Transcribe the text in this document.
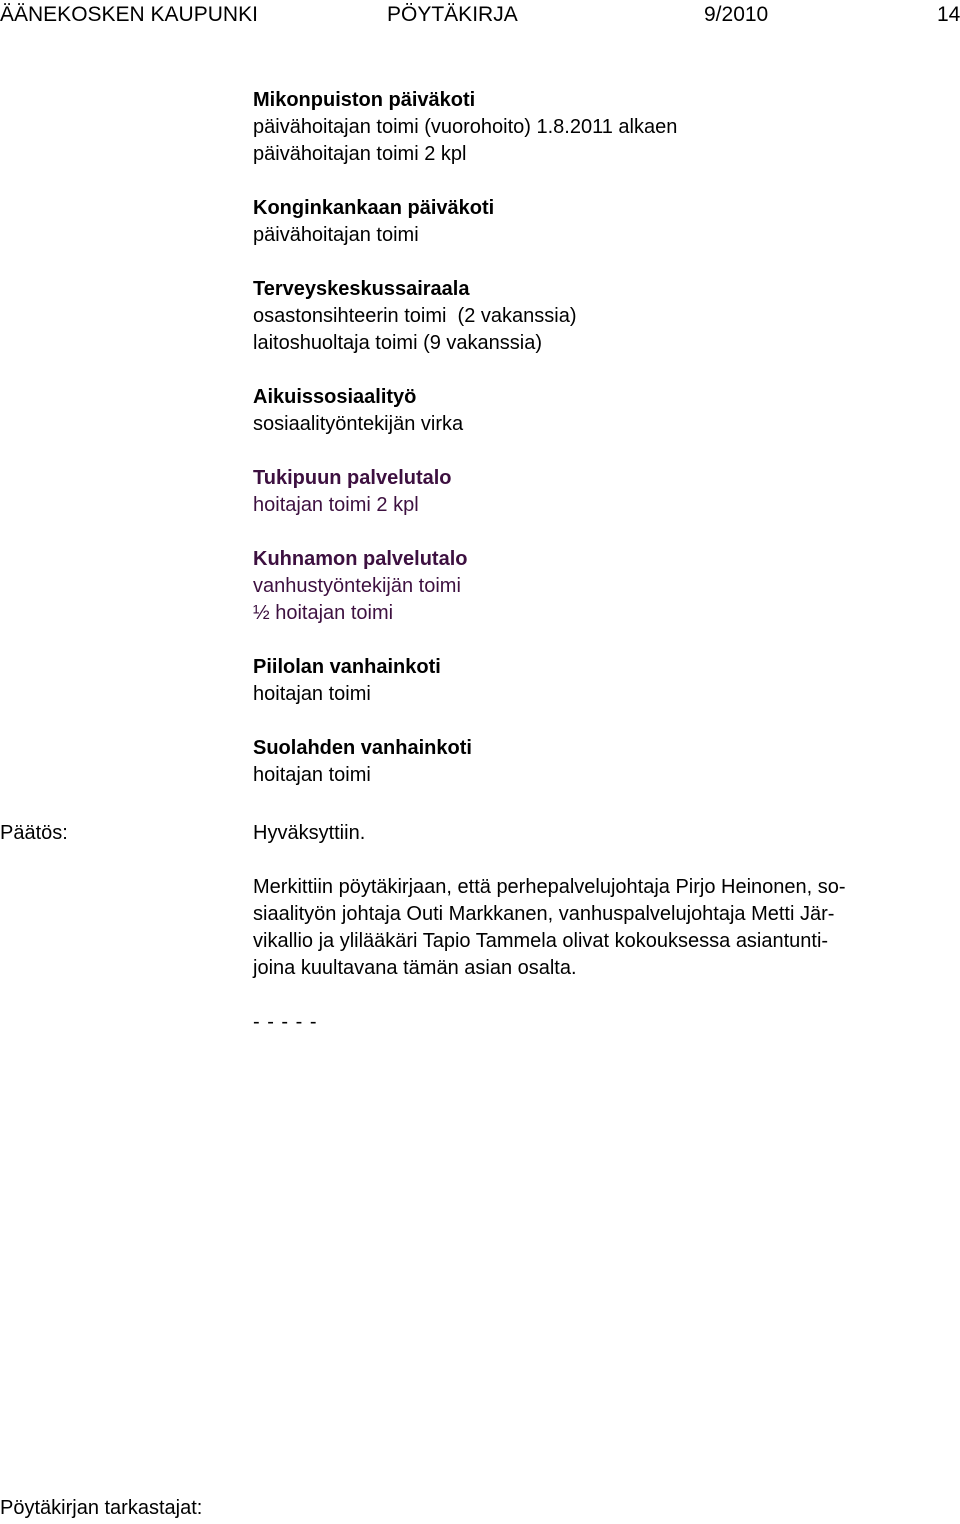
ÄÄNEKOSKEN KAUPUNKI	PÖYTÄKIRJA	9/2010	14
Mikonpuiston päiväkoti
päivähoitajan toimi (vuorohoito) 1.8.2011 alkaen
päivähoitajan toimi 2 kpl
Konginkankaan päiväkoti
päivähoitajan toimi
Terveyskeskussairaala
osastonsihteerin toimi  (2 vakanssia)
laitoshuoltaja toimi (9 vakanssia)
Aikuissosiaalityö
sosiaalityöntekijän virka
Tukipuun palvelutalo
hoitajan toimi 2 kpl
Kuhnamon palvelutalo
vanhustyöntekijän toimi
½ hoitajan toimi
Piilolan vanhainkoti
hoitajan toimi
Suolahden vanhainkoti
hoitajan toimi
Päätös:	Hyväksyttiin.
Merkittiin pöytäkirjaan, että perhepalvelujohtaja Pirjo Heinonen, so-
siaalityön johtaja Outi Markkanen, vanhuspalvelujohtaja Metti Jär-
vikallio ja ylilääkäri Tapio Tammela olivat kokouksessa asiantunti-
joina kuultavana tämän asian osalta.
- - - - -
Pöytäkirjan tarkastajat:
